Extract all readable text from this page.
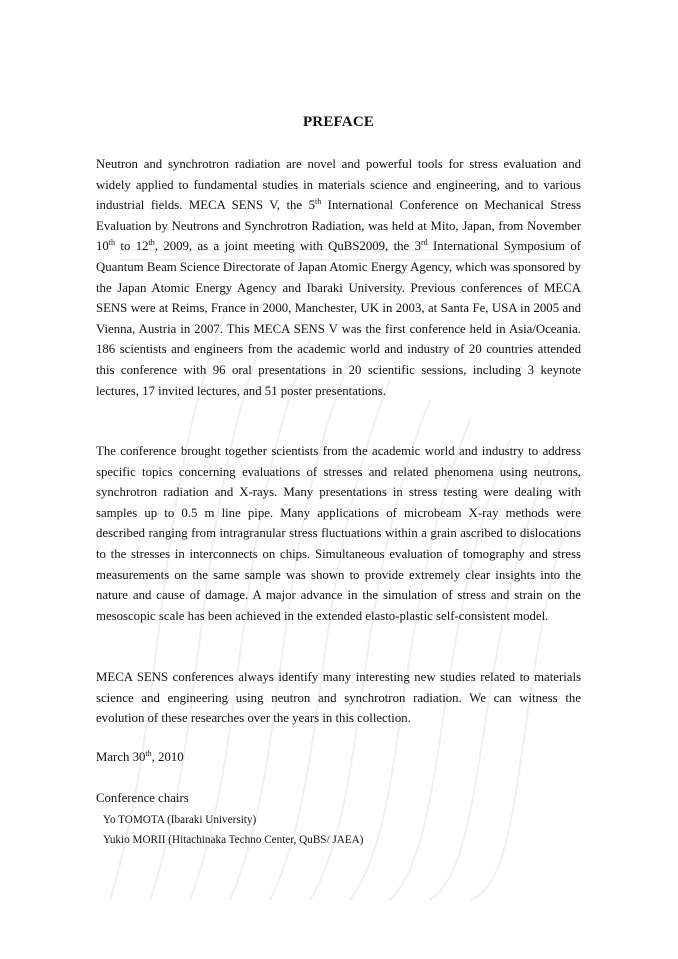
PREFACE

Neutron and synchrotron radiation are novel and powerful tools for stress evaluation and widely applied to fundamental studies in materials science and engineering, and to various industrial fields. MECA SENS V, the 5th International Conference on Mechanical Stress Evaluation by Neutrons and Synchrotron Radiation, was held at Mito, Japan, from November 10th to 12th, 2009, as a joint meeting with QuBS2009, the 3rd International Symposium of Quantum Beam Science Directorate of Japan Atomic Energy Agency, which was sponsored by the Japan Atomic Energy Agency and Ibaraki University. Previous conferences of MECA SENS were at Reims, France in 2000, Manchester, UK in 2003, at Santa Fe, USA in 2005 and Vienna, Austria in 2007. This MECA SENS V was the first conference held in Asia/Oceania. 186 scientists and engineers from the academic world and industry of 20 countries attended this conference with 96 oral presentations in 20 scientific sessions, including 3 keynote lectures, 17 invited lectures, and 51 poster presentations.

The conference brought together scientists from the academic world and industry to address specific topics concerning evaluations of stresses and related phenomena using neutrons, synchrotron radiation and X-rays. Many presentations in stress testing were dealing with samples up to 0.5 m line pipe. Many applications of microbeam X-ray methods were described ranging from intragranular stress fluctuations within a grain ascribed to dislocations to the stresses in interconnects on chips. Simultaneous evaluation of tomography and stress measurements on the same sample was shown to provide extremely clear insights into the nature and cause of damage. A major advance in the simulation of stress and strain on the mesoscopic scale has been achieved in the extended elasto-plastic self-consistent model.

MECA SENS conferences always identify many interesting new studies related to materials science and engineering using neutron and synchrotron radiation. We can witness the evolution of these researches over the years in this collection.

March 30th, 2010

Conference chairs

Yo TOMOTA (Ibaraki University)

Yukio MORII (Hitachinaka Techno Center, QuBS/ JAEA)
